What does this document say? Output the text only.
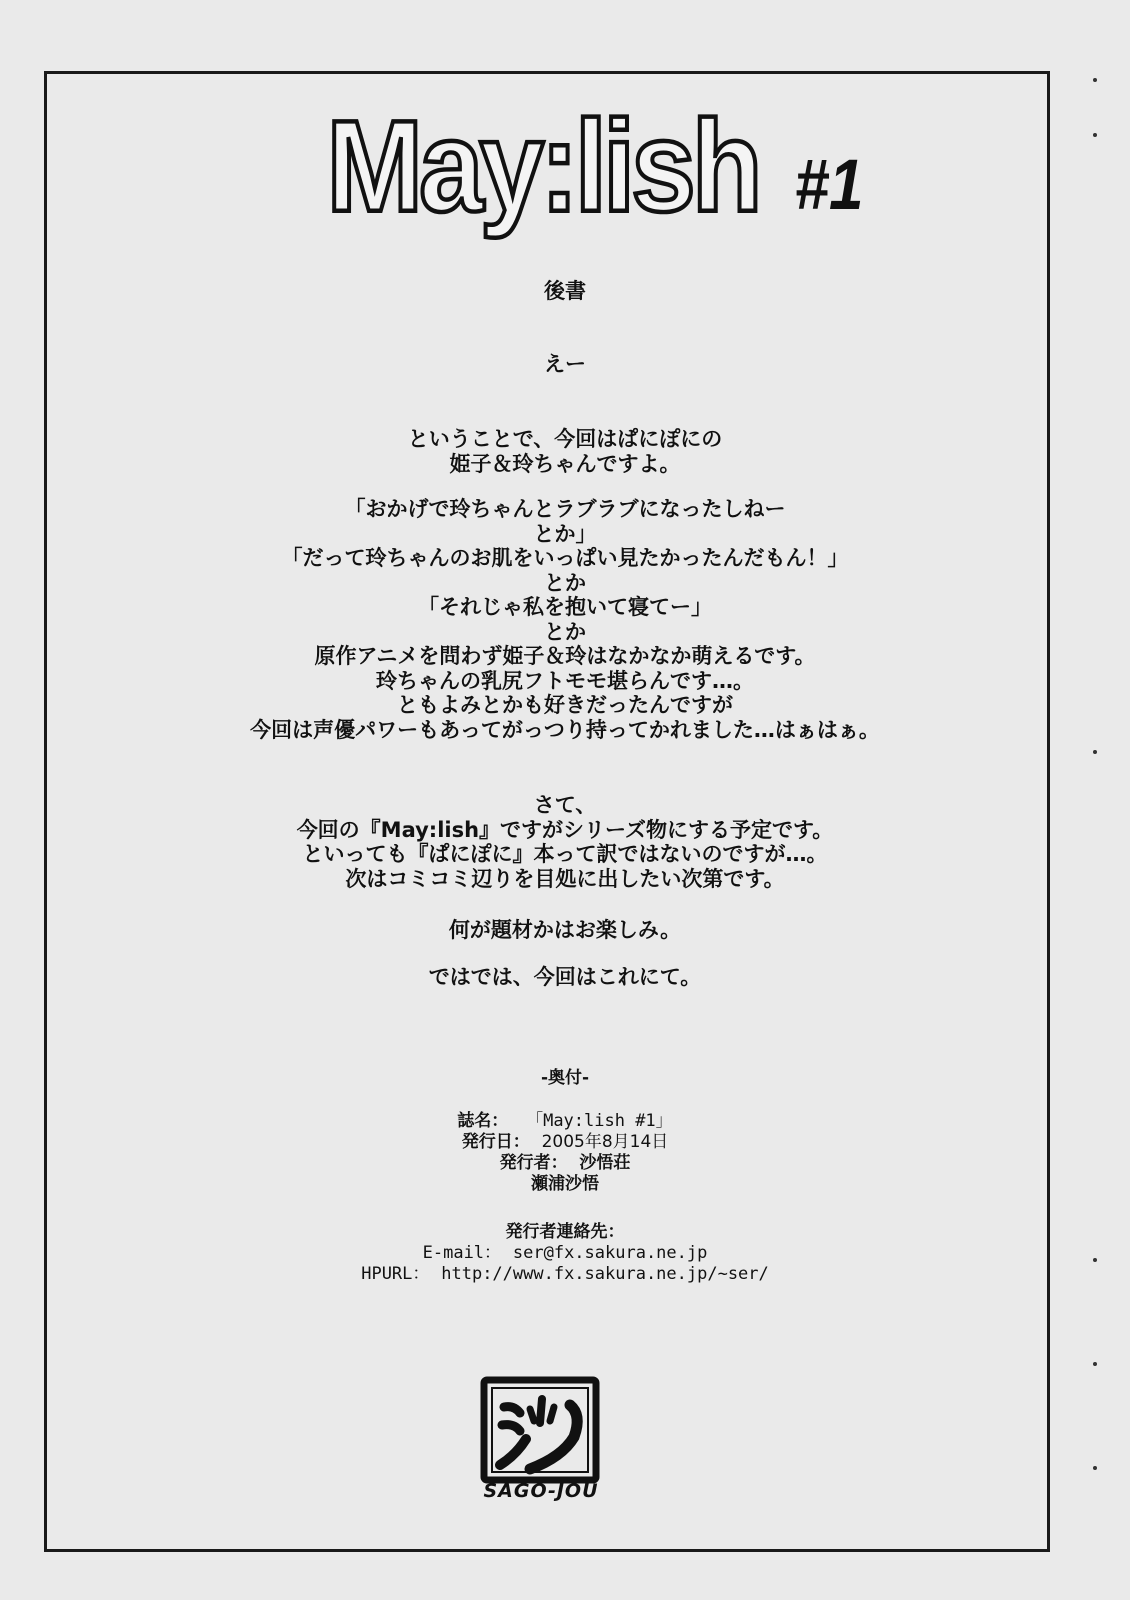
May:lish #1
後書
えー
ということで、今回はぱにぽにの
姫子＆玲ちゃんですよ。
「おかげで玲ちゃんとラブラブになったしねー
とか」
「だって玲ちゃんのお肌をいっぱい見たかったんだもん！」
とか
「それじゃ私を抱いて寝てー」
とか
原作アニメを問わず姫子＆玲はなかなか萌えるです。
玲ちゃんの乳尻フトモモ堪らんです…。
ともよみとかも好きだったんですが
今回は声優パワーもあってがっつり持ってかれました…はぁはぁ。
さて、
今回の『May:lish』ですがシリーズ物にする予定です。
といっても『ぱにぽに』本って訳ではないのですが…。
次はコミコミ辺りを目処に出したい次第です。
何が題材かはお楽しみ。
ではでは、今回はこれにて。
-奥付-
誌名： 「May:lish #1」
発行日： 2005年8月14日
発行者： 沙悟荘
瀬浦沙悟
発行者連絡先：
E-mail： ser@fx.sakura.ne.jp
HPURL： http://www.fx.sakura.ne.jp/~ser/
SAGO-JOU
